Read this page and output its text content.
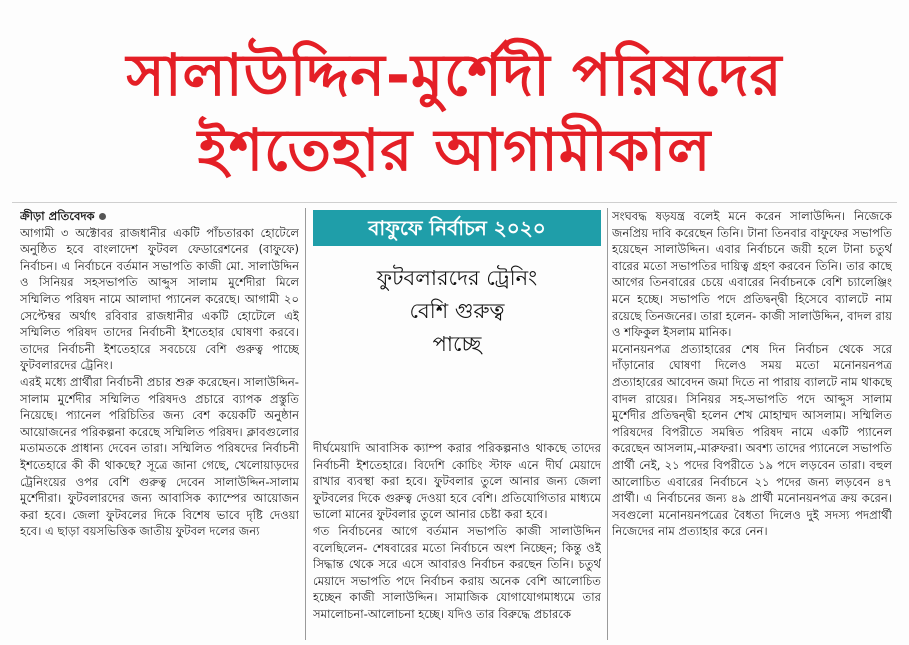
সালাউদ্দিন-মুর্শেদী পরিষদের
ইশতেহার আগামীকাল

ক্রীড়া প্রতিবেদক

আগামী ৩ অক্টোবর রাজধানীর একটি পাঁচতারকা হোটেলে অনুষ্ঠিত হবে বাংলাদেশ ফুটবল ফেডারেশনের (বাফুফে) নির্বাচন। এ নির্বাচনে বর্তমান সভাপতি কাজী মো. সালাউদ্দিন ও সিনিয়র সহসভাপতি আব্দুস সালাম মুর্শেদীরা মিলে সম্মিলিত পরিষদ নামে আলাদা প্যানেল করেছে। আগামী ২০ সেপ্টেম্বর অর্থাৎ রবিবার রাজধানীর একটি হোটেলে এই সম্মিলিত পরিষদ তাদের নির্বাচনী ইশতেহার ঘোষণা করবে। তাদের নির্বাচনী ইশতেহারে সবচেয়ে বেশি গুরুত্ব পাচ্ছে ফুটবলারদের ট্রেনিং।

এরই মধ্যে প্রার্থীরা নির্বাচনী প্রচার শুরু করেছেন। সালাউদ্দিন-সালাম মুর্শেদীর সম্মিলিত পরিষদও প্রচারে ব্যাপক প্রস্তুতি নিয়েছে। প্যানেল পরিচিতির জন্য বেশ কয়েকটি অনুষ্ঠান আয়োজনের পরিকল্পনা করেছে সম্মিলিত পরিষদ। ক্লাবগুলোর মতামতকে প্রাধান্য দেবেন তারা। সম্মিলিত পরিষদের নির্বাচনী ইশতেহারে কী কী থাকছে? সূত্রে জানা গেছে, খেলোয়াড়দের ট্রেনিংয়ের ওপর বেশি গুরুত্ব দেবেন সালাউদ্দিন-সালাম মুর্শেদীরা। ফুটবলারদের জন্য আবাসিক ক্যাম্পের আয়োজন করা হবে। জেলা ফুটবলের দিকে বিশেষ ভাবে দৃষ্টি দেওয়া হবে। এ ছাড়া বয়সভিত্তিক জাতীয় ফুটবল দলের জন্য

বাফুফে নির্বাচন ২০২০
ফুটবলারদের ট্রেনিং
বেশি গুরুত্ব
পাচ্ছে

দীর্ঘমেয়াদি আবাসিক ক্যাম্প করার পরিকল্পনাও থাকছে তাদের নির্বাচনী ইশতেহারে। বিদেশি কোচিং স্টাফ এনে দীর্ঘ মেয়াদে রাখার ব্যবস্থা করা হবে। ফুটবলার তুলে আনার জন্য জেলা ফুটবলের দিকে গুরুত্ব দেওয়া হবে বেশি। প্রতিযোগিতার মাধ্যমে ভালো মানের ফুটবলার তুলে আনার চেষ্টা করা হবে।

গত নির্বাচনের আগে বর্তমান সভাপতি কাজী সালাউদ্দিন বলেছিলেন- শেষবারের মতো নির্বাচনে অংশ নিচ্ছেন; কিন্তু ওই সিদ্ধান্ত থেকে সরে এসে আবারও নির্বাচন করছেন তিনি। চতুর্থ মেয়াদে সভাপতি পদে নির্বাচন করায় অনেক বেশি আলোচিত হচ্ছেন কাজী সালাউদ্দিন। সামাজিক যোগাযোগমাধ্যমে তার সমালোচনা-আলোচনা হচ্ছে। যদিও তার বিরুদ্ধে প্রচারকে

সংঘবদ্ধ ষড়যন্ত্র বলেই মনে করেন সালাউদ্দিন। নিজেকে জনপ্রিয় দাবি করেছেন তিনি। টানা তিনবার বাফুফের সভাপতি হয়েছেন সালাউদ্দিন। এবার নির্বাচনে জয়ী হলে টানা চতুর্থ বারের মতো সভাপতির দায়িত্ব গ্রহণ করবেন তিনি। তার কাছে আগের তিনবারের চেয়ে এবারের নির্বাচনকে বেশি চ্যালেঞ্জিং মনে হচ্ছে। সভাপতি পদে প্রতিদ্বন্দ্বী হিসেবে ব্যালটে নাম রয়েছে তিনজনের। তারা হলেন- কাজী সালাউদ্দিন, বাদল রায় ও শফিকুল ইসলাম মানিক।

মনোনয়নপত্র প্রত্যাহারের শেষ দিন নির্বাচন থেকে সরে দাঁড়ানোর ঘোষণা দিলেও সময় মতো মনোনয়নপত্র প্রত্যাহারের আবেদন জমা দিতে না পারায় ব্যালটে নাম থাকছে বাদল রায়ের। সিনিয়র সহ-সভাপতি পদে আব্দুস সালাম মুর্শেদীর প্রতিদ্বন্দ্বী হলেন শেখ মোহাম্মদ আসলাম। সম্মিলিত পরিষদের বিপরীতে সমন্বিত পরিষদ নামে একটি প্যানেল করেছেন আসলাম,-মারুফরা। অবশ্য তাদের প্যানেলে সভাপতি প্রার্থী নেই, ২১ পদের বিপরীতে ১৯ পদে লড়বেন তারা। বহুল আলোচিত এবারের নির্বাচনে ২১ পদের জন্য লড়বেন ৪৭ প্রার্থী। এ নির্বাচনের জন্য ৪৯ প্রার্থী মনোনয়নপত্র ক্রয় করেন। সবগুলো মনোনয়নপত্রের বৈধতা দিলেও দুই সদস্য পদপ্রার্থী নিজেদের নাম প্রত্যাহার করে নেন।
